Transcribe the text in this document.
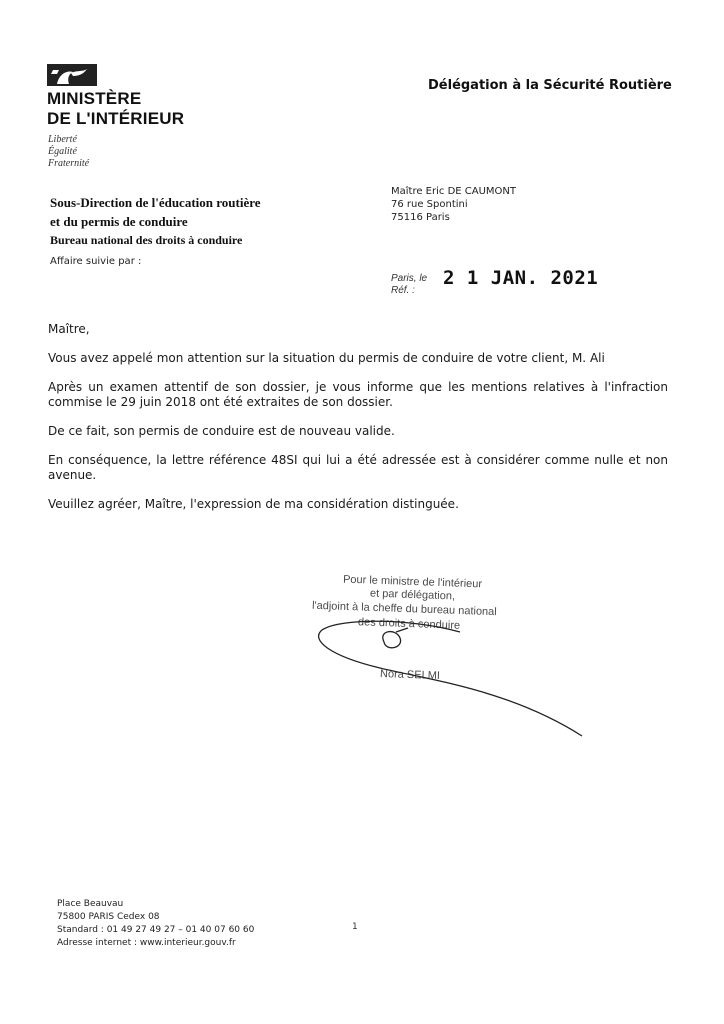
MINISTÈRE
DE L'INTÉRIEUR
Liberté
Égalité
Fraternité
Délégation à la Sécurité Routière
Sous-Direction de l'éducation routière
et du permis de conduire
Bureau national des droits à conduire
Affaire suivie par :
Maître Eric DE CAUMONT
76 rue Spontini
75116 Paris
Paris, le 2 1 JAN. 2021
Réf. :

Maître,

Vous avez appelé mon attention sur la situation du permis de conduire de votre client, M. Ali

Après un examen attentif de son dossier, je vous informe que les mentions relatives à l'infraction commise le 29 juin 2018 ont été extraites de son dossier.

De ce fait, son permis de conduire est de nouveau valide.

En conséquence, la lettre référence 48SI qui lui a été adressée est à considérer comme nulle et non avenue.

Veuillez agréer, Maître, l'expression de ma considération distinguée.

Pour le ministre de l'intérieur
et par délégation,
l'adjoint à la cheffe du bureau national
des droits à conduire
Nora SELMI
Place Beauvau
75800 PARIS Cedex 08
Standard : 01 49 27 49 27 – 01 40 07 60 60
Adresse internet : www.interieur.gouv.fr
1
